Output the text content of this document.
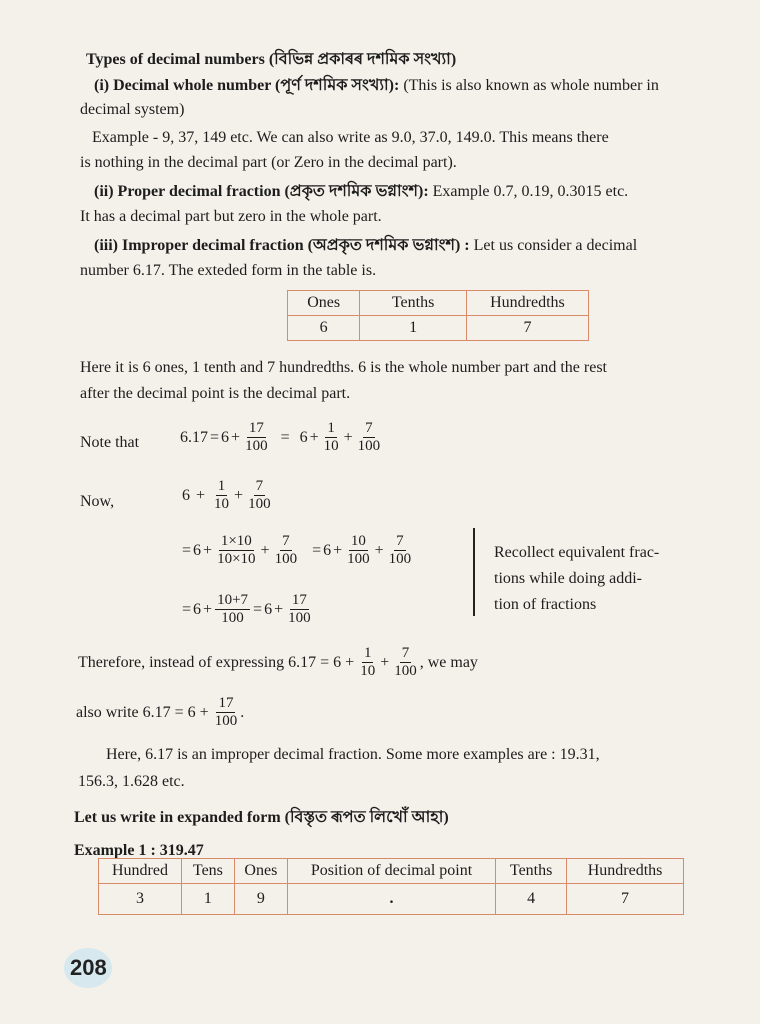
Types of decimal numbers (বিভিন্ন প্ৰকাৰৰ দশমিক সংখ্যা)
(i) Decimal whole number (পূৰ্ণ দশমিক সংখ্যা): (This is also known as whole number in
decimal system)
Example - 9, 37, 149 etc. We can also write as 9.0, 37.0, 149.0. This means there
is nothing in the decimal part (or Zero in the decimal part).
(ii) Proper decimal fraction (প্ৰকৃত দশমিক ভগ্নাংশ): Example 0.7, 0.19, 0.3015 etc.
It has a decimal part but zero in the whole part.
(iii) Improper decimal fraction (অপ্ৰকৃত দশমিক ভগ্নাংশ) : Let us consider a decimal
number 6.17. The exteded form in the table is.
Ones	Tenths	Hundredths
6	1	7
Here it is 6 ones, 1 tenth and 7 hundredths. 6 is the whole number part and the rest
after the decimal point is the decimal part.
Note that	$6.17 = 6 + \frac{17}{100} = 6 + \frac{1}{10} + \frac{7}{100}$
Now,	$6 + \frac{1}{10} + \frac{7}{100}$
= $6 + \frac{1\times 10}{10\times 10} + \frac{7}{100} = 6 + \frac{10}{100} + \frac{7}{100}$
= $6 + \frac{10+7}{100} = 6 + \frac{17}{100}$
Recollect equivalent frac-
tions while doing addi-
tion of fractions
Therefore, instead of expressing $6.17 = 6 + \frac{1}{10} + \frac{7}{100}$ , we may
also write $6.17 = 6 + \frac{17}{100}$ .
Here, 6.17 is an improper decimal fraction. Some more examples are : 19.31,
156.3, 1.628 etc.
Let us write in expanded form (বিস্তৃত ৰূপত লিখোঁ আহা)
Example 1 : 319.47
Hundred	Tens	Ones	Position of decimal point	Tenths	Hundredths
3	1	9	.	4	7
208
